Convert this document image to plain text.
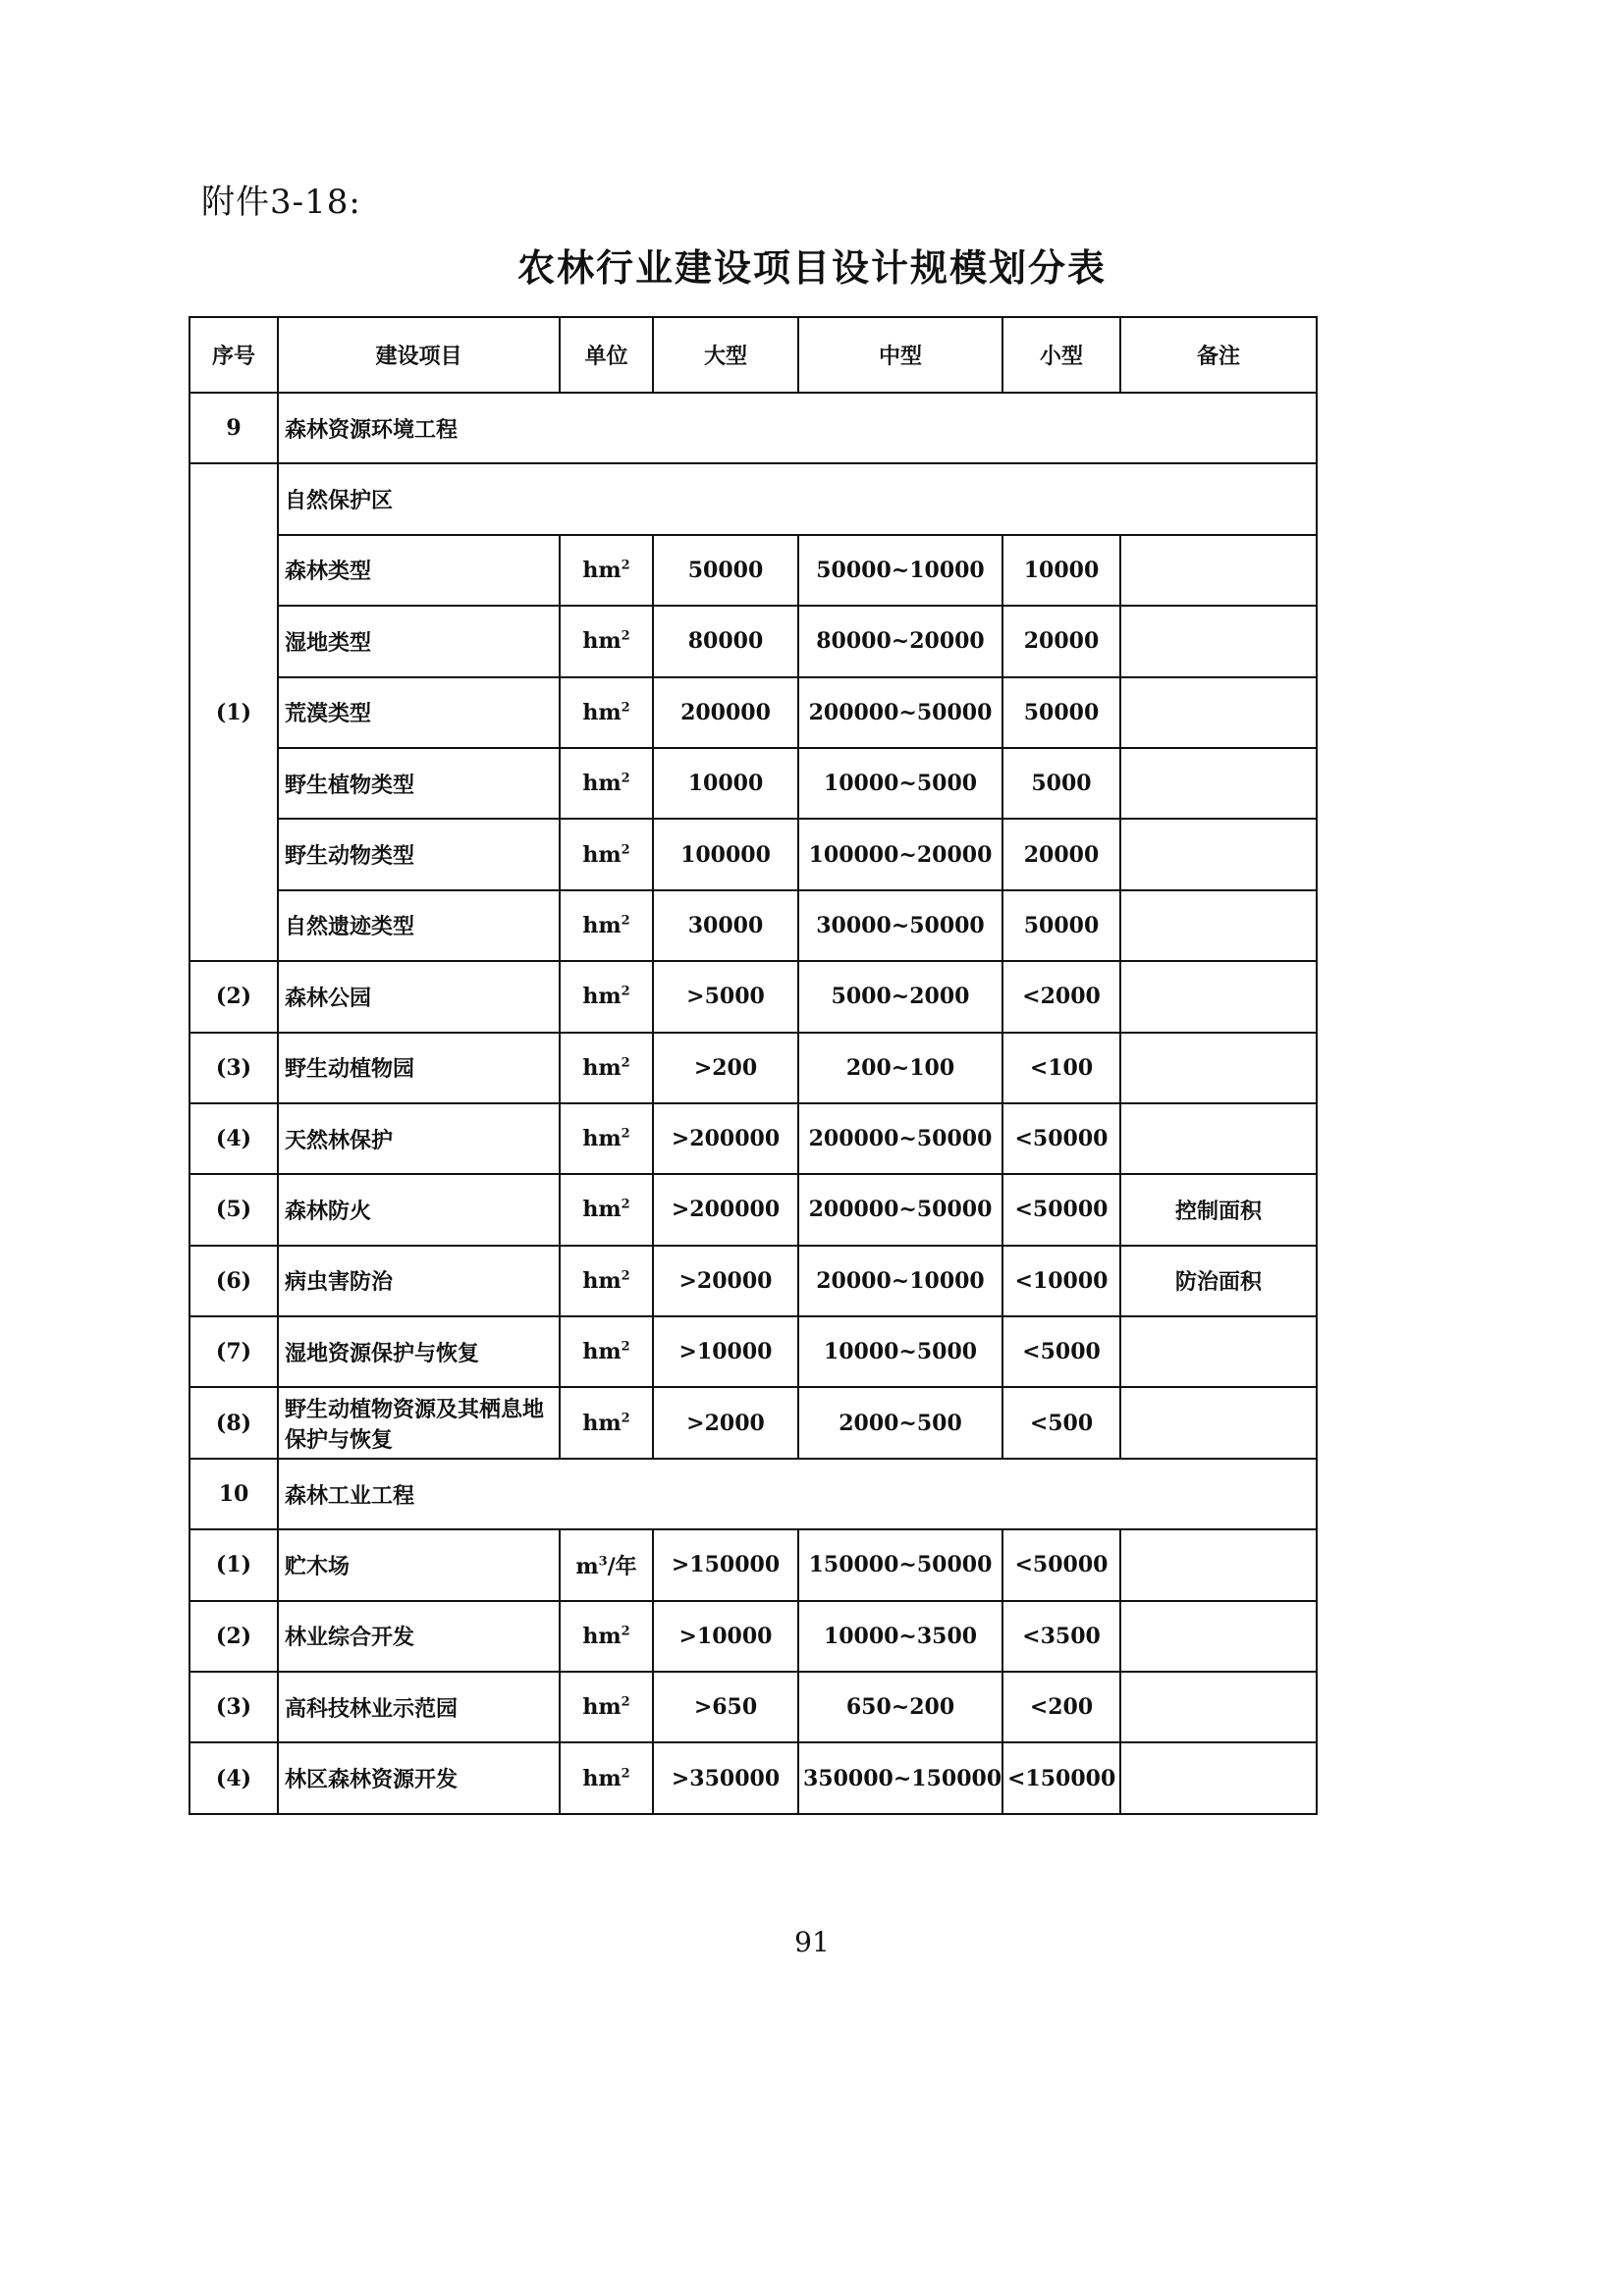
附件3-18:
农林行业建设项目设计规模划分表
序号	建设项目	单位	大型	中型	小型	备注
9	森林资源环境工程					
(1)	自然保护区					
	森林类型	$hm^2$	50000	50000~10000	10000	
	湿地类型	$hm^2$	80000	80000~20000	20000	
	荒漠类型	$hm^2$	200000	200000~50000	50000	
	野生植物类型	$hm^2$	10000	10000~5000	5000	
	野生动物类型	$hm^2$	100000	100000~20000	20000	
	自然遗迹类型	$hm^2$	30000	30000~50000	50000	
(2)	森林公园	$hm^2$	>5000	5000~2000	<2000	
(3)	野生动植物园	$hm^2$	>200	200~100	<100	
(4)	天然林保护	$hm^2$	>200000	200000~50000	<50000	
(5)	森林防火	$hm^2$	>200000	200000~50000	<50000	控制面积
(6)	病虫害防治	$hm^2$	>20000	20000~10000	<10000	防治面积
(7)	湿地资源保护与恢复	$hm^2$	>10000	10000~5000	<5000	
(8)	野生动植物资源及其栖息地保护与恢复	$hm^2$	>2000	2000~500	<500	
10	森林工业工程					
(1)	贮木场	$m^3/$年	>150000	150000~50000	<50000	
(2)	林业综合开发	$hm^2$	>10000	10000~3500	<3500	
(3)	高科技林业示范园	$hm^2$	>650	650~200	<200	
(4)	林区森林资源开发	$hm^2$	>350000	350000~150000	<150000	
91
